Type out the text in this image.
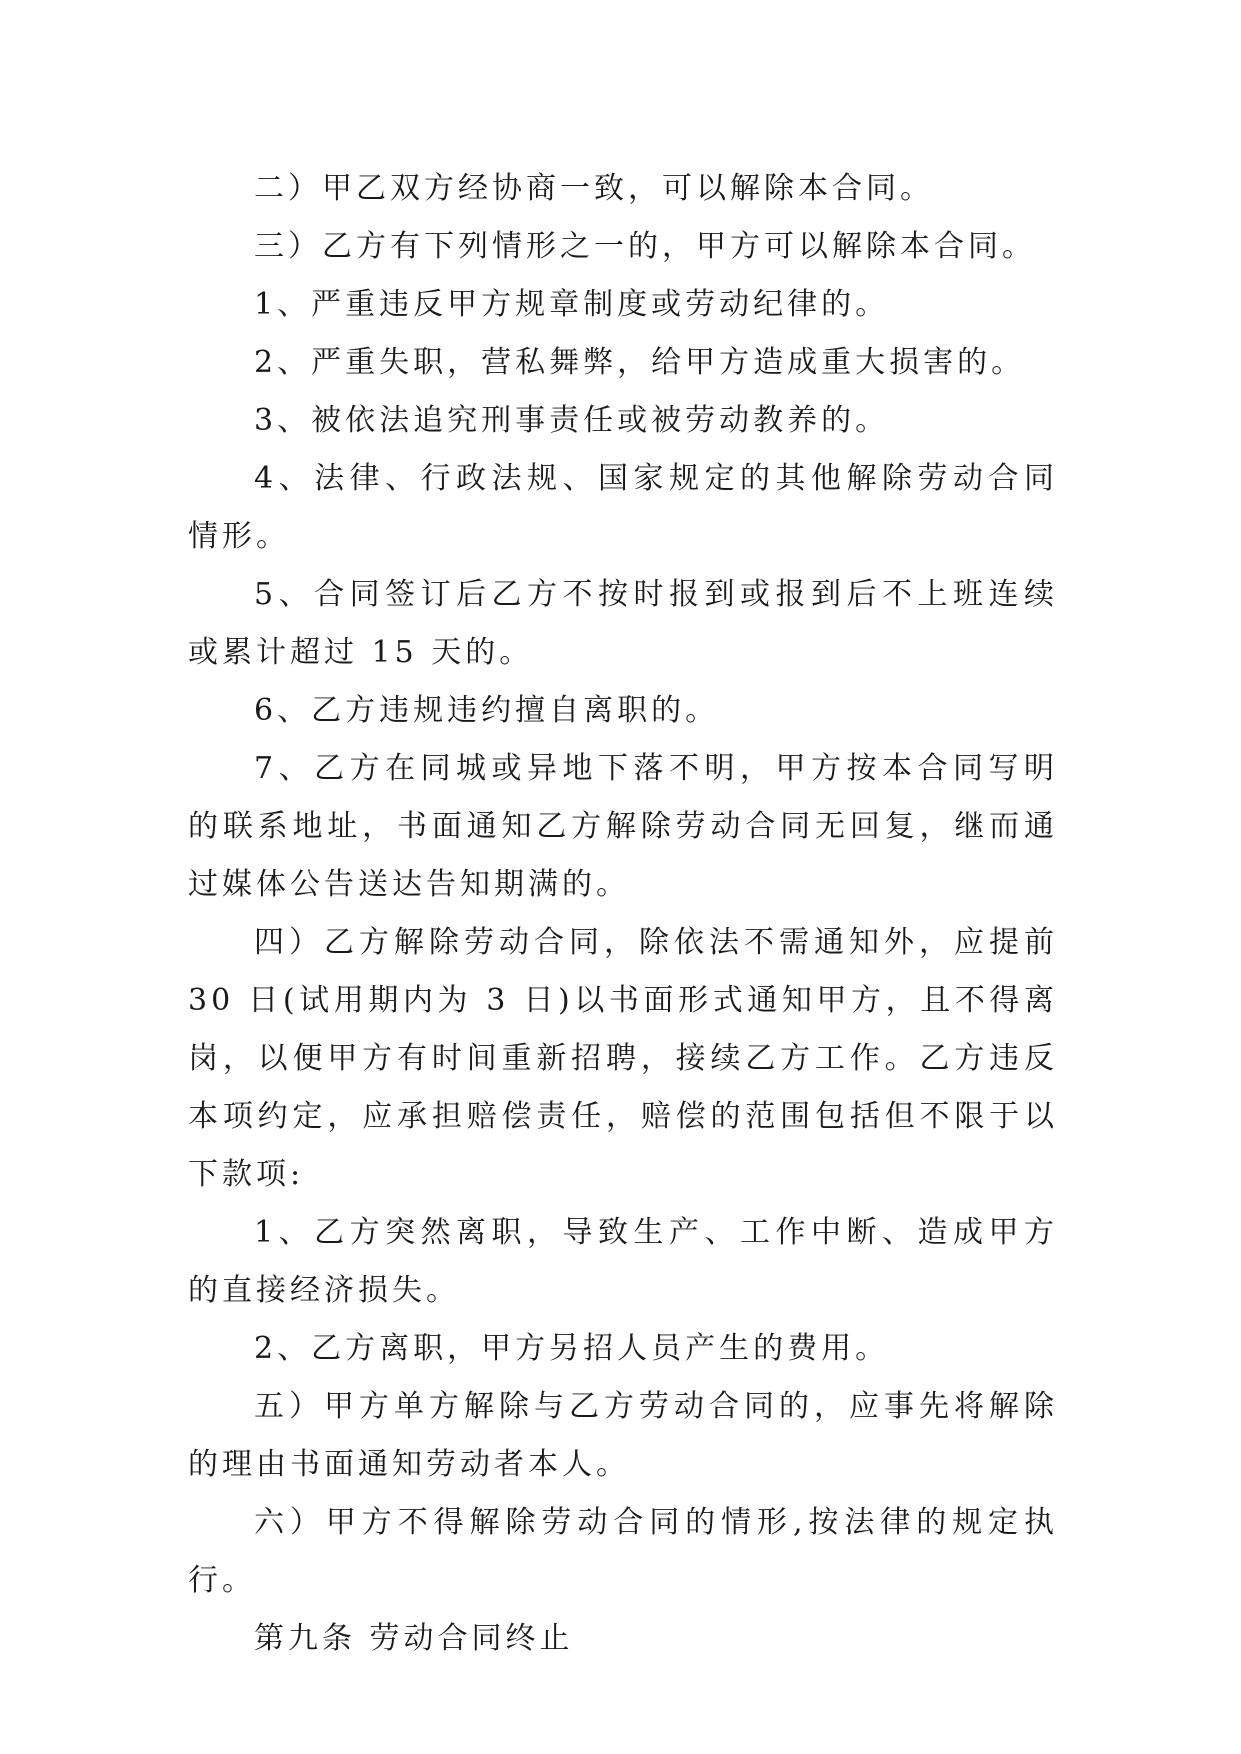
二）甲乙双方经协商一致，可以解除本合同。

三）乙方有下列情形之一的，甲方可以解除本合同。

1、严重违反甲方规章制度或劳动纪律的。

2、严重失职，营私舞弊，给甲方造成重大损害的。

3、被依法追究刑事责任或被劳动教养的。

4、法律、行政法规、国家规定的其他解除劳动合同情形。

5、合同签订后乙方不按时报到或报到后不上班连续或累计超过 15 天的。

6、乙方违规违约擅自离职的。

7、乙方在同城或异地下落不明，甲方按本合同写明的联系地址，书面通知乙方解除劳动合同无回复，继而通过媒体公告送达告知期满的。

四）乙方解除劳动合同，除依法不需通知外，应提前 30 日(试用期内为 3 日)以书面形式通知甲方，且不得离岗，以便甲方有时间重新招聘，接续乙方工作。乙方违反本项约定，应承担赔偿责任，赔偿的范围包括但不限于以下款项:

1、乙方突然离职，导致生产、工作中断、造成甲方的直接经济损失。

2、乙方离职，甲方另招人员产生的费用。

五）甲方单方解除与乙方劳动合同的，应事先将解除的理由书面通知劳动者本人。

六）甲方不得解除劳动合同的情形,按法律的规定执行。

第九条 劳动合同终止
